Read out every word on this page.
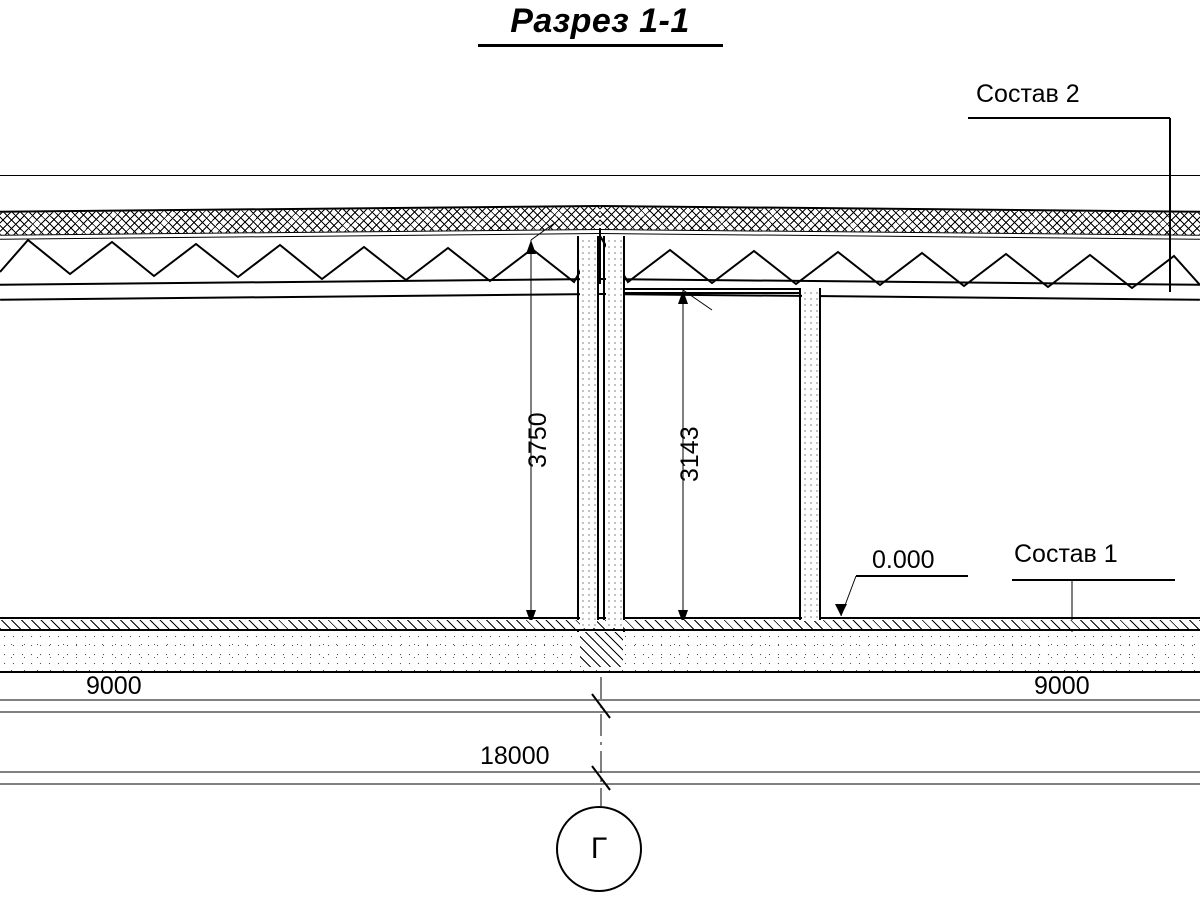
Разрез 1-1
Состав 2
Состав 1
0.000
3750	3143
9000	9000
18000
Г
